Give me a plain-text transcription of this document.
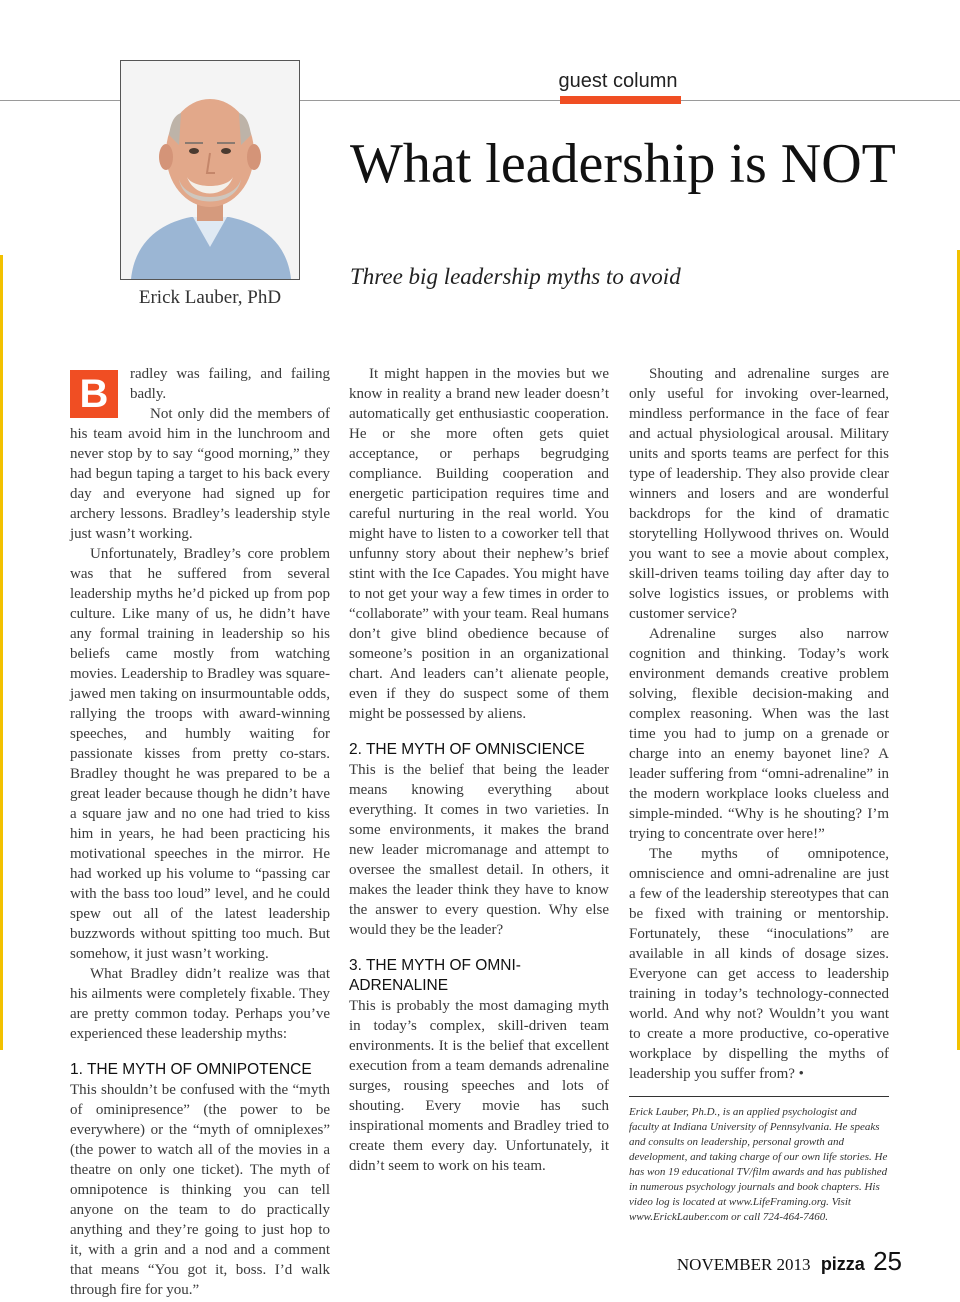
Erick Lauber, PhD
guest column
What leadership is NOT
Three big leadership myths to avoid
B	radley was failing, and failing badly.

Not only did the members of his team avoid him in the lunchroom and never stop by to say “good morning,” they had begun taping a target to his back every day and everyone had signed up for archery lessons. Bradley’s leadership style just wasn’t working.

Unfortunately, Bradley’s core problem was that he suffered from several leadership myths he’d picked up from pop culture. Like many of us, he didn’t have any formal training in leadership so his beliefs came mostly from watching movies. Leadership to Bradley was square-jawed men taking on insurmountable odds, rallying the troops with award-winning speeches, and humbly waiting for passionate kisses from pretty co-stars. Bradley thought he was prepared to be a great leader because though he didn’t have a square jaw and no one had tried to kiss him in years, he had been practicing his motivational speeches in the mirror. He had worked up his volume to “passing car with the bass too loud” level, and he could spew out all of the latest leadership buzzwords without spitting too much. But somehow, it just wasn’t working.

What Bradley didn’t realize was that his ailments were completely fixable. They are pretty common today. Perhaps you’ve experienced these leadership myths:

1. THE MYTH OF OMNIPOTENCE

This shouldn’t be confused with the “myth of ominipresence” (the power to be everywhere) or the “myth of omniplexes” (the power to watch all of the movies in a theatre on only one ticket). The myth of omnipotence is thinking you can tell anyone on the team to do practically anything and they’re going to just hop to it, with a grin and a nod and a comment that means “You got it, boss. I’d walk through fire for you.”

It might happen in the movies but we know in reality a brand new leader doesn’t automatically get enthusiastic cooperation. He or she more often gets quiet acceptance, or perhaps begrudging compliance. Building cooperation and energetic participation requires time and careful nurturing in the real world. You might have to listen to a coworker tell that unfunny story about their nephew’s brief stint with the Ice Capades. You might have to not get your way a few times in order to “collaborate” with your team. Real humans don’t give blind obedience because of someone’s position in an organizational chart. And leaders can’t alienate people, even if they do suspect some of them might be possessed by aliens.

2. THE MYTH OF OMNISCIENCE

This is the belief that being the leader means knowing everything about everything. It comes in two varieties. In some environments, it makes the brand new leader micromanage and attempt to oversee the smallest detail. In others, it makes the leader think they have to know the answer to every question. Why else would they be the leader?

3. THE MYTH OF OMNI-ADRENALINE

This is probably the most damaging myth in today’s complex, skill-driven team environments. It is the belief that excellent execution from a team demands adrenaline surges, rousing speeches and lots of shouting. Every movie has such inspirational moments and Bradley tried to create them every day. Unfortunately, it didn’t seem to work on his team.

Shouting and adrenaline surges are only useful for invoking over-learned, mindless performance in the face of fear and actual physiological arousal. Military units and sports teams are perfect for this type of leadership. They also provide clear winners and losers and are wonderful backdrops for the kind of dramatic storytelling Hollywood thrives on. Would you want to see a movie about complex, skill-driven teams toiling day after day to solve logistics issues, or problems with customer service?

Adrenaline surges also narrow cognition and thinking. Today’s work environment demands creative problem solving, flexible decision-making and complex reasoning. When was the last time you had to jump on a grenade or charge into an enemy bayonet line? A leader suffering from “omni-adrenaline” in the modern workplace looks clueless and simple-minded. “Why is he shouting? I’m trying to concentrate over here!”

The myths of omnipotence, omniscience and omni-adrenaline are just a few of the leadership stereotypes that can be fixed with training or mentorship. Fortunately, these “inoculations” are available in all kinds of dosage sizes. Everyone can get access to leadership training in today’s technology-connected world. And why not? Wouldn’t you want to create a more productive, co-operative workplace by dispelling the myths of leadership you suffer from? •

Erick Lauber, Ph.D., is an applied psychologist and faculty at Indiana University of Pennsylvania. He speaks and consults on leadership, personal growth and development, and taking charge of our own life stories. He has won 19 educational TV/film awards and has published in numerous psychology journals and book chapters. His video log is located at www.LifeFraming.org. Visit www.ErickLauber.com or call 724-464-7460.
NOVEMBER 2013 pizza 25
